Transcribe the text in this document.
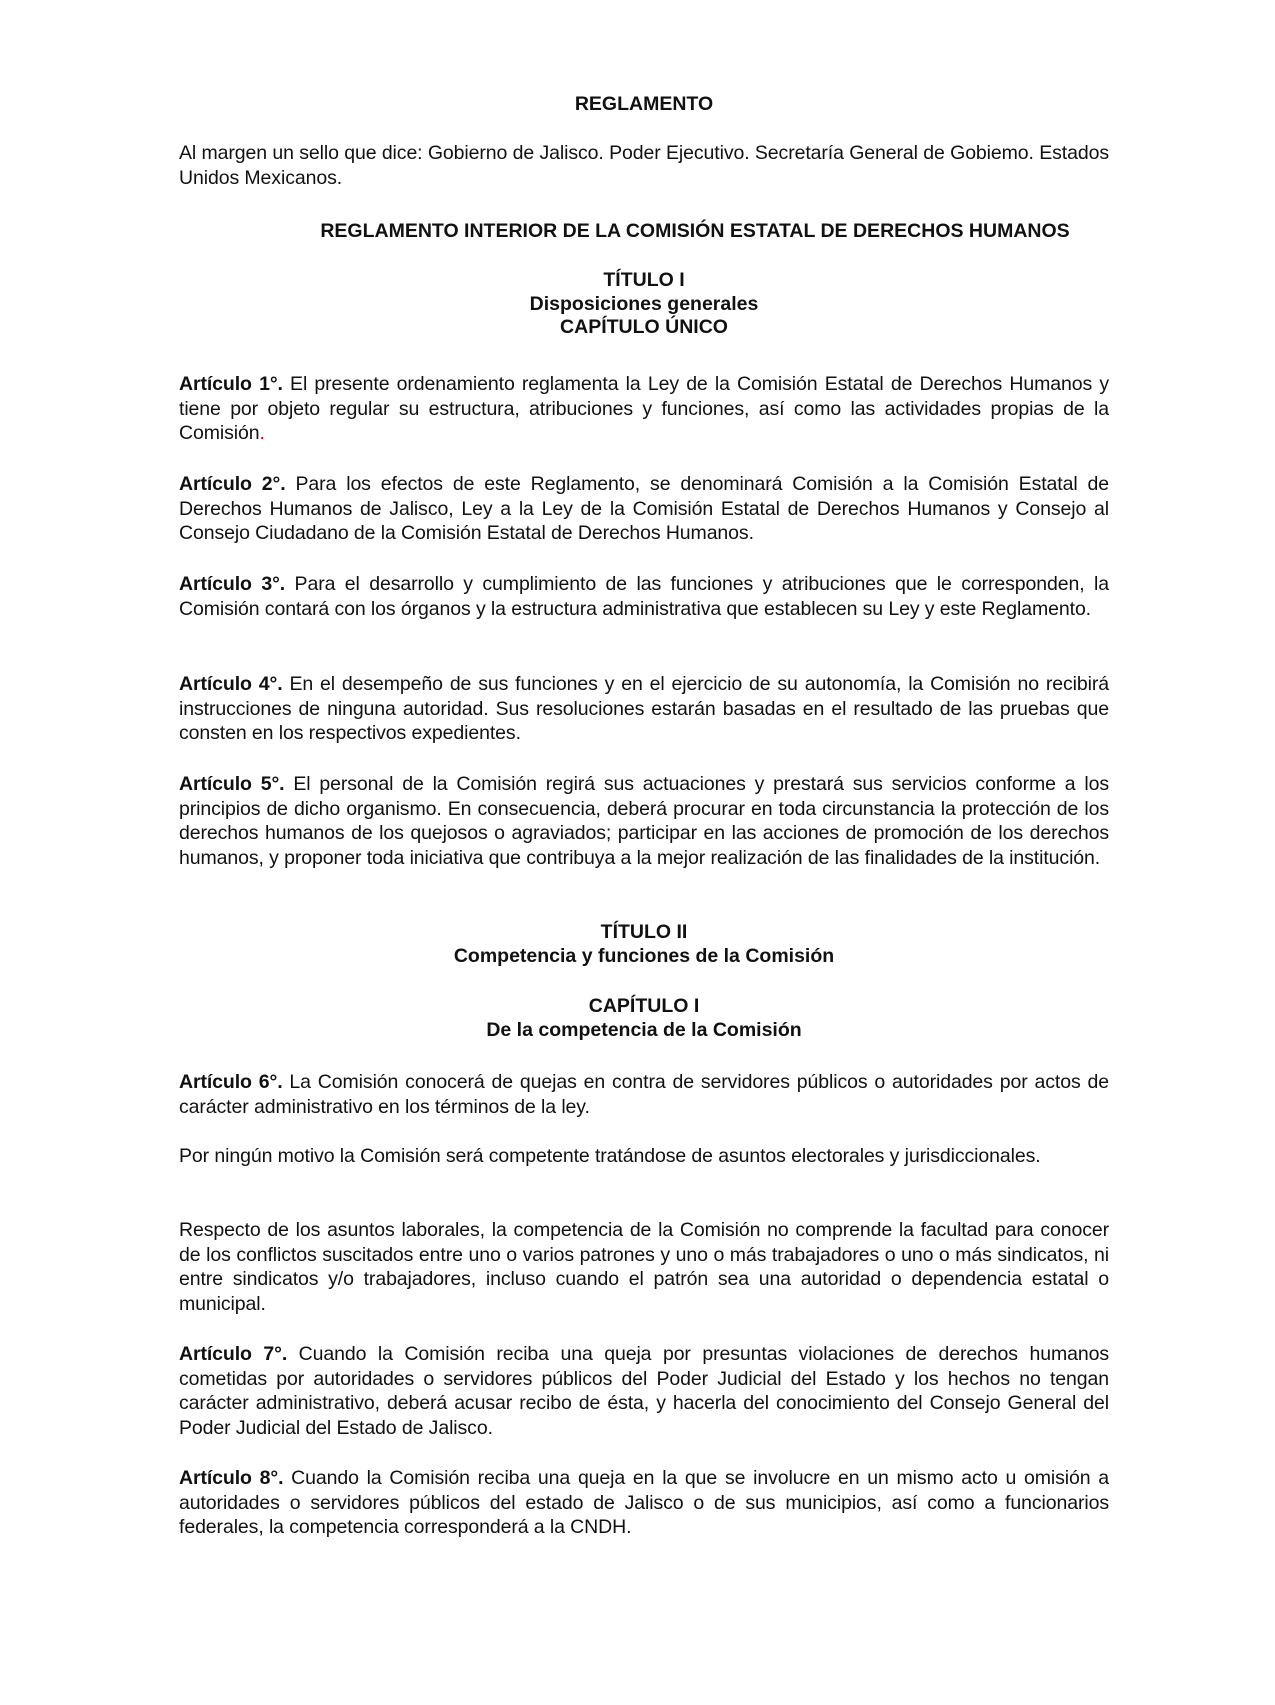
REGLAMENTO
Al margen un sello que dice: Gobierno de Jalisco. Poder Ejecutivo. Secretaría General de Gobiemo. Estados Unidos Mexicanos.
REGLAMENTO INTERIOR DE LA COMISIÓN ESTATAL DE DERECHOS HUMANOS
TÍTULO I
Disposiciones generales
CAPÍTULO ÚNICO
Artículo 1°. El presente ordenamiento reglamenta la Ley de la Comisión Estatal de Derechos Humanos y tiene por objeto regular su estructura, atribuciones y funciones, así como las actividades propias de la Comisión.
Artículo 2°. Para los efectos de este Reglamento, se denominará Comisión a la Comisión Estatal de Derechos Humanos de Jalisco, Ley a la Ley de la Comisión Estatal de Derechos Humanos y Consejo al Consejo Ciudadano de la Comisión Estatal de Derechos Humanos.
Artículo 3°. Para el desarrollo y cumplimiento de las funciones y atribuciones que le corresponden, la Comisión contará con los órganos y la estructura administrativa que establecen su Ley y este Reglamento.
Artículo 4°. En el desempeño de sus funciones y en el ejercicio de su autonomía, la Comisión no recibirá instrucciones de ninguna autoridad. Sus resoluciones estarán basadas en el resultado de las pruebas que consten en los respectivos expedientes.
Artículo 5°. El personal de la Comisión regirá sus actuaciones y prestará sus servicios conforme a los principios de dicho organismo. En consecuencia, deberá procurar en toda circunstancia la protección de los derechos humanos de los quejosos o agraviados; participar en las acciones de promoción de los derechos humanos, y proponer toda iniciativa que contribuya a la mejor realización de las finalidades de la institución.
TÍTULO II
Competencia y funciones de la Comisión
CAPÍTULO I
De la competencia de la Comisión
Artículo 6°. La Comisión conocerá de quejas en contra de servidores públicos o autoridades por actos de carácter administrativo en los términos de la ley.
Por ningún motivo la Comisión será competente tratándose de asuntos electorales y jurisdiccionales.
Respecto de los asuntos laborales, la competencia de la Comisión no comprende la facultad para conocer de los conflictos suscitados entre uno o varios patrones y uno o más trabajadores o uno o más sindicatos, ni entre sindicatos y/o trabajadores, incluso cuando el patrón sea una autoridad o dependencia estatal o municipal.
Artículo 7°. Cuando la Comisión reciba una queja por presuntas violaciones de derechos humanos cometidas por autoridades o servidores públicos del Poder Judicial del Estado y los hechos no tengan carácter administrativo, deberá acusar recibo de ésta, y hacerla del conocimiento del Consejo General del Poder Judicial del Estado de Jalisco.
Artículo 8°. Cuando la Comisión reciba una queja en la que se involucre en un mismo acto u omisión a autoridades o servidores públicos del estado de Jalisco o de sus municipios, así como a funcionarios federales, la competencia corresponderá a la CNDH.
